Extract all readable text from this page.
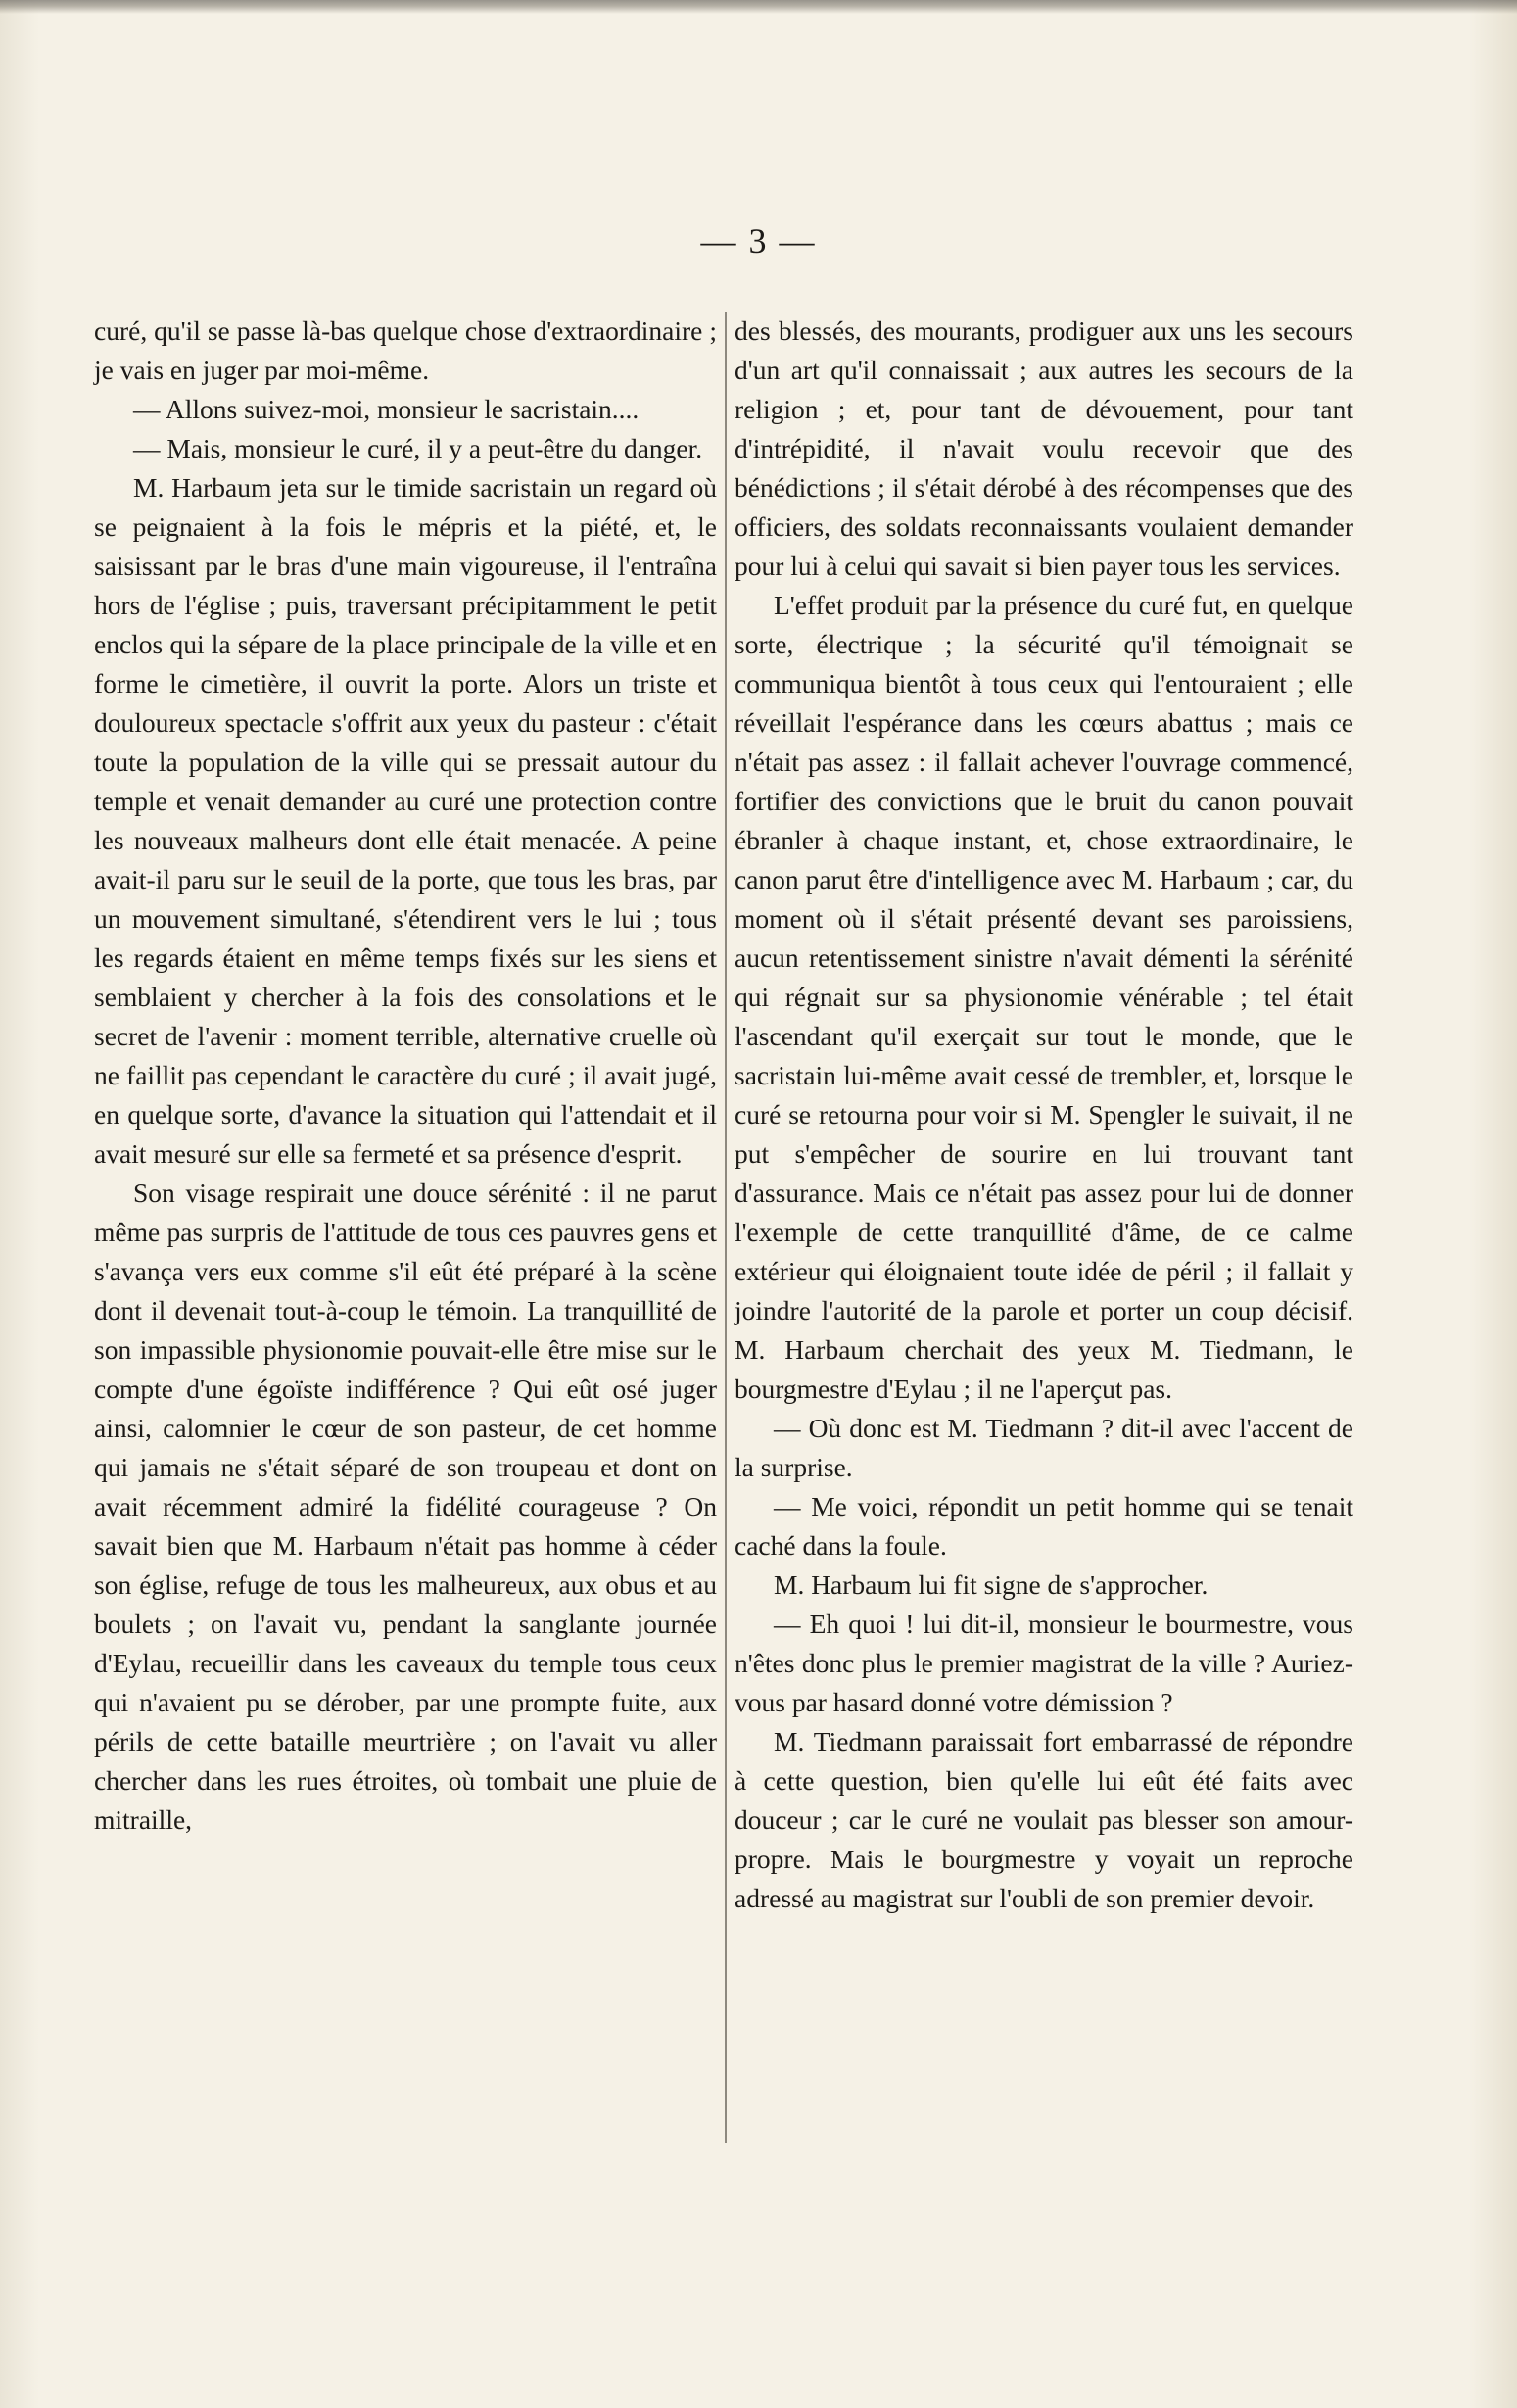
— 3 —

curé, qu'il se passe là-bas quelque chose d'extraordinaire ; je vais en juger par moi-même.

— Allons suivez-moi, monsieur le sacristain....

— Mais, monsieur le curé, il y a peut-être du danger.

M. Harbaum jeta sur le timide sacristain un regard où se peignaient à la fois le mépris et la piété, et, le saisissant par le bras d'une main vigoureuse, il l'entraîna hors de l'église ; puis, traversant précipitamment le petit enclos qui la sépare de la place principale de la ville et en forme le cimetière, il ouvrit la porte. Alors un triste et douloureux spectacle s'offrit aux yeux du pasteur : c'était toute la population de la ville qui se pressait autour du temple et venait demander au curé une protection contre les nouveaux malheurs dont elle était menacée. A peine avait-il paru sur le seuil de la porte, que tous les bras, par un mouvement simultané, s'étendirent vers le lui ; tous les regards étaient en même temps fixés sur les siens et semblaient y chercher à la fois des consolations et le secret de l'avenir : moment terrible, alternative cruelle où ne faillit pas cependant le caractère du curé ; il avait jugé, en quelque sorte, d'avance la situation qui l'attendait et il avait mesuré sur elle sa fermeté et sa présence d'esprit.

Son visage respirait une douce sérénité : il ne parut même pas surpris de l'attitude de tous ces pauvres gens et s'avança vers eux comme s'il eût été préparé à la scène dont il devenait tout-à-coup le témoin. La tranquillité de son impassible physionomie pouvait-elle être mise sur le compte d'une égoïste indifférence ? Qui eût osé juger ainsi, calomnier le cœur de son pasteur, de cet homme qui jamais ne s'était séparé de son troupeau et dont on avait récemment admiré la fidélité courageuse ? On savait bien que M. Harbaum n'était pas homme à céder son église, refuge de tous les malheureux, aux obus et au boulets ; on l'avait vu, pendant la sanglante journée d'Eylau, recueillir dans les caveaux du temple tous ceux qui n'avaient pu se dérober, par une prompte fuite, aux périls de cette bataille meurtrière ; on l'avait vu aller chercher dans les rues étroites, où tombait une pluie de mitraille,

des blessés, des mourants, prodiguer aux uns les secours d'un art qu'il connaissait ; aux autres les secours de la religion ; et, pour tant de dévouement, pour tant d'intrépidité, il n'avait voulu recevoir que des bénédictions ; il s'était dérobé à des récompenses que des officiers, des soldats reconnaissants voulaient demander pour lui à celui qui savait si bien payer tous les services.

L'effet produit par la présence du curé fut, en quelque sorte, électrique ; la sécurité qu'il témoignait se communiqua bientôt à tous ceux qui l'entouraient ; elle réveillait l'espérance dans les cœurs abattus ; mais ce n'était pas assez : il fallait achever l'ouvrage commencé, fortifier des convictions que le bruit du canon pouvait ébranler à chaque instant, et, chose extraordinaire, le canon parut être d'intelligence avec M. Harbaum ; car, du moment où il s'était présenté devant ses paroissiens, aucun retentissement sinistre n'avait démenti la sérénité qui régnait sur sa physionomie vénérable ; tel était l'ascendant qu'il exerçait sur tout le monde, que le sacristain lui-même avait cessé de trembler, et, lorsque le curé se retourna pour voir si M. Spengler le suivait, il ne put s'empêcher de sourire en lui trouvant tant d'assurance. Mais ce n'était pas assez pour lui de donner l'exemple de cette tranquillité d'âme, de ce calme extérieur qui éloignaient toute idée de péril ; il fallait y joindre l'autorité de la parole et porter un coup décisif. M. Harbaum cherchait des yeux M. Tiedmann, le bourgmestre d'Eylau ; il ne l'aperçut pas.

— Où donc est M. Tiedmann ? dit-il avec l'accent de la surprise.

— Me voici, répondit un petit homme qui se tenait caché dans la foule.

M. Harbaum lui fit signe de s'approcher.

— Eh quoi ! lui dit-il, monsieur le bourmestre, vous n'êtes donc plus le premier magistrat de la ville ? Auriez-vous par hasard donné votre démission ?

M. Tiedmann paraissait fort embarrassé de répondre à cette question, bien qu'elle lui eût été faits avec douceur ; car le curé ne voulait pas blesser son amour-propre. Mais le bourgmestre y voyait un reproche adressé au magistrat sur l'oubli de son premier devoir.
